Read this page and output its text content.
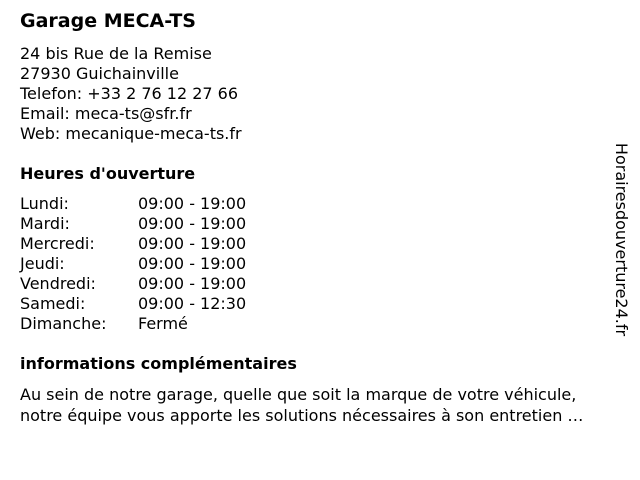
Garage MECA-TS
24 bis Rue de la Remise
27930 Guichainville
Telefon: +33 2 76 12 27 66
Email: meca-ts@sfr.fr
Web: mecanique-meca-ts.fr
Heures d'ouverture
Lundi:	09:00 - 19:00
Mardi:	09:00 - 19:00
Mercredi:	09:00 - 19:00
Jeudi:	09:00 - 19:00
Vendredi:	09:00 - 19:00
Samedi:	09:00 - 12:30
Dimanche: Fermé
informations complémentaires
Au sein de notre garage, quelle que soit la marque de votre véhicule,
notre équipe vous apporte les solutions nécessaires à son entretien …
Horairesdouverture24.fr
